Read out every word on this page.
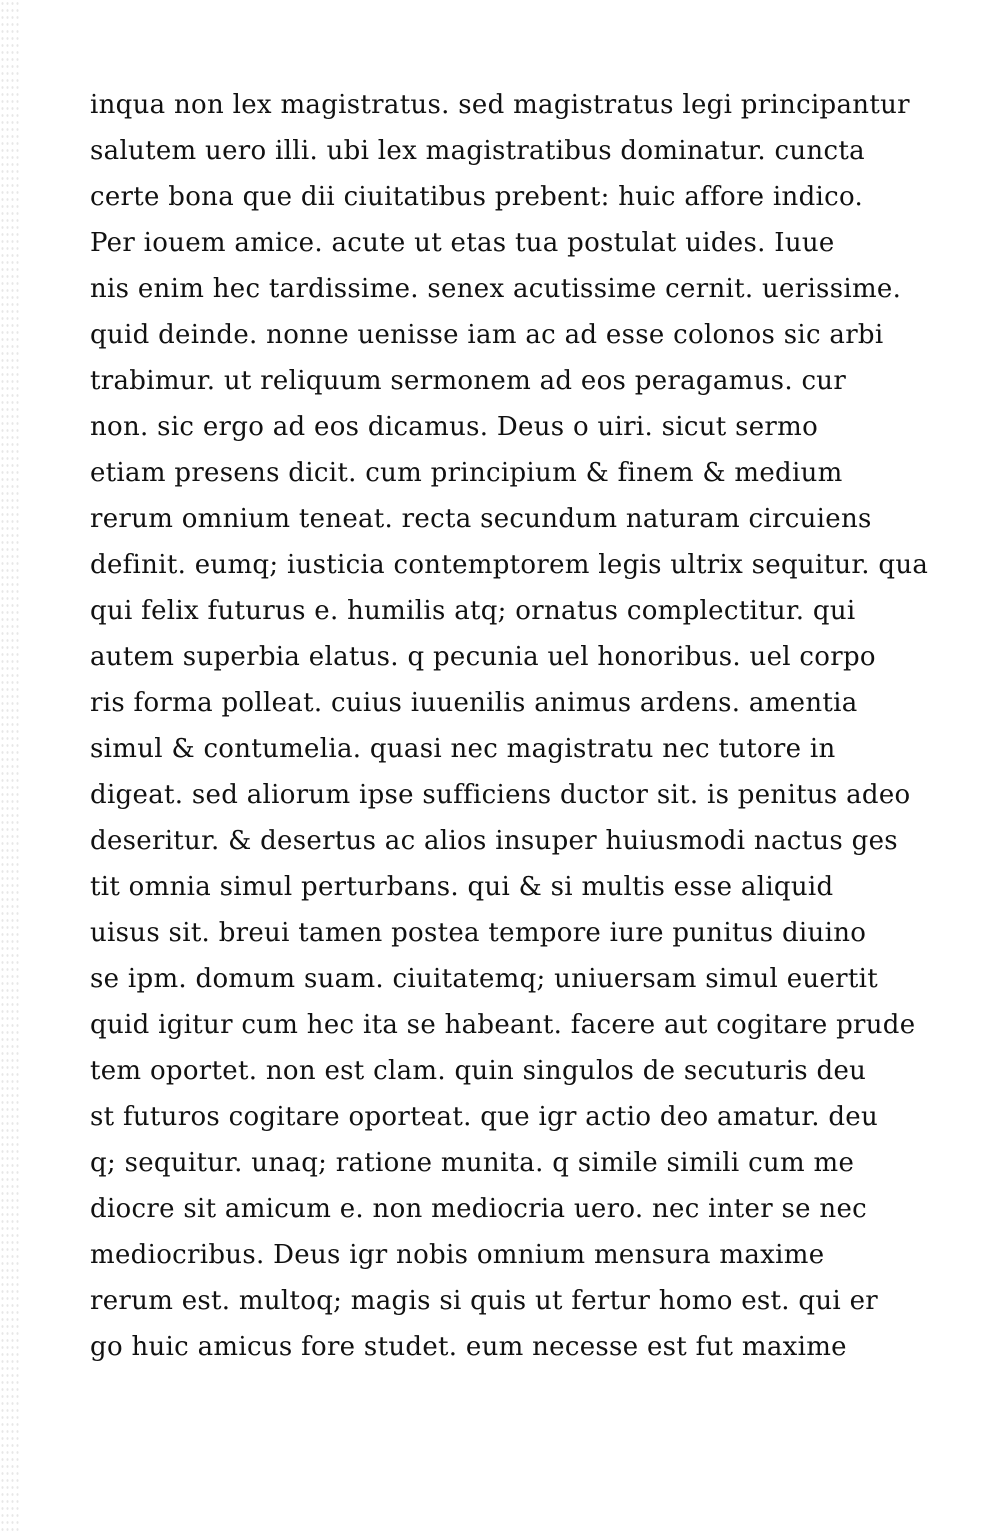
inqua non lex magistratus. sed magistratus legi principantur
salutem uero illi. ubi lex magistratibus dominatur. cuncta
certe bona que dii ciuitatibus prebent: huic affore indico.
Per iouem amice. acute ut etas tua postulat uides. Iuue
nis enim hec tardissime. senex acutissime cernit. uerissime.
quid deinde. nonne uenisse iam ac ad esse colonos sic arbi
trabimur. ut reliquum sermonem ad eos peragamus. cur
non. sic ergo ad eos dicamus. Deus o uiri. sicut sermo
etiam presens dicit. cum principium & finem & medium
rerum omnium teneat. recta secundum naturam circuiens
definit. eumq; iusticia contemptorem legis ultrix sequitur. qua
qui felix futurus e. humilis atq; ornatus complectitur. qui
autem superbia elatus. q pecunia uel honoribus. uel corpo
ris forma polleat. cuius iuuenilis animus ardens. amentia
simul & contumelia. quasi nec magistratu nec tutore in
digeat. sed aliorum ipse sufficiens ductor sit. is penitus adeo
deseritur. & desertus ac alios insuper huiusmodi nactus ges
tit omnia simul perturbans. qui & si multis esse aliquid
uisus sit. breui tamen postea tempore iure punitus diuino
se ipm. domum suam. ciuitatemq; uniuersam simul euertit
quid igitur cum hec ita se habeant. facere aut cogitare prude
tem oportet. non est clam. quin singulos de secuturis deu
st futuros cogitare oporteat. que igr actio deo amatur. deu
q; sequitur. unaq; ratione munita. q simile simili cum me
diocre sit amicum e. non mediocria uero. nec inter se nec
mediocribus. Deus igr nobis omnium mensura maxime
rerum est. multoq; magis si quis ut fertur homo est. qui er
go huic amicus fore studet. eum necesse est fut maxime
